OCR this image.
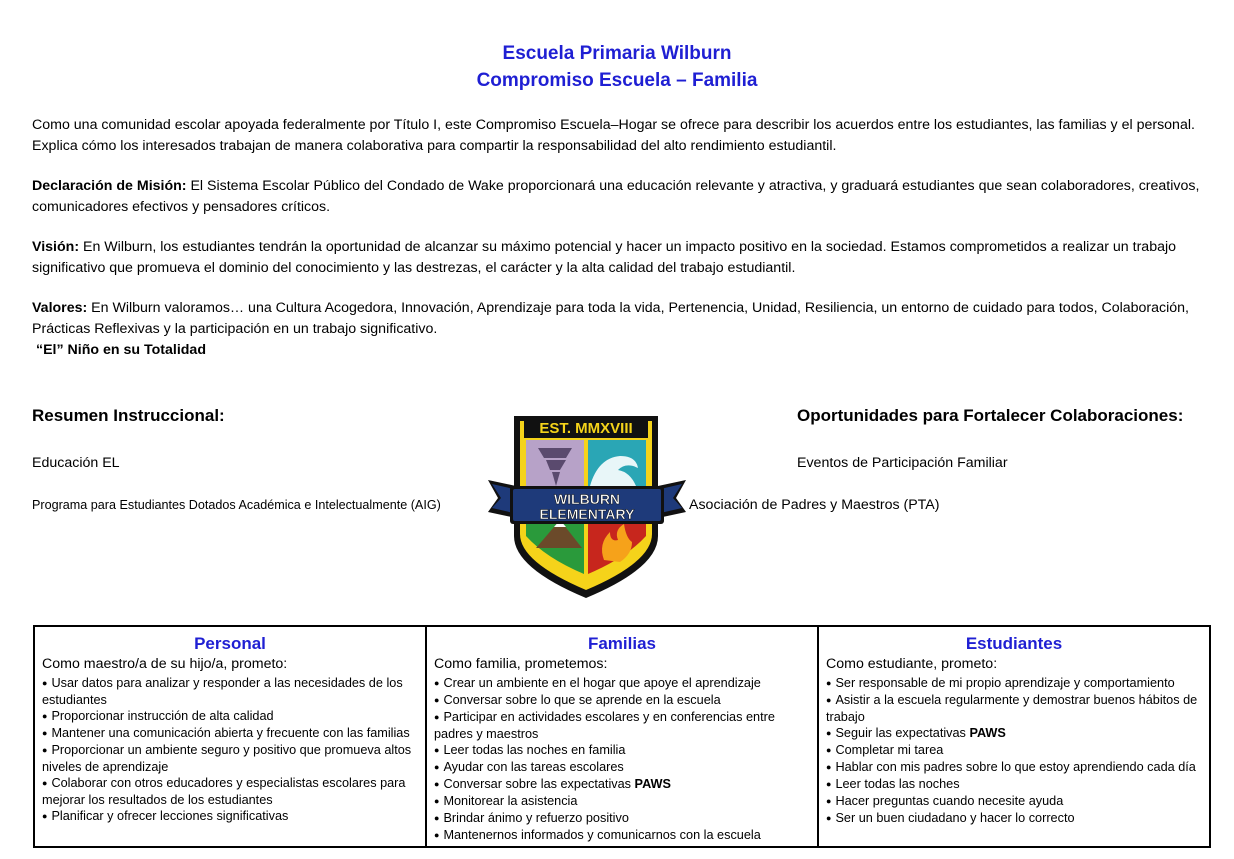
Escuela Primaria Wilburn
Compromiso Escuela – Familia
Como una comunidad escolar apoyada federalmente por Título I, este Compromiso Escuela–Hogar se ofrece para describir los acuerdos entre los estudiantes, las familias y el personal. Explica cómo los interesados trabajan de manera colaborativa para compartir la responsabilidad del alto rendimiento estudiantil.
Declaración de Misión: El Sistema Escolar Público del Condado de Wake proporcionará una educación relevante y atractiva, y graduará estudiantes que sean colaboradores, creativos, comunicadores efectivos y pensadores críticos.
Visión: En Wilburn, los estudiantes tendrán la oportunidad de alcanzar su máximo potencial y hacer un impacto positivo en la sociedad. Estamos comprometidos a realizar un trabajo significativo que promueva el dominio del conocimiento y las destrezas, el carácter y la alta calidad del trabajo estudiantil.
Valores: En Wilburn valoramos… una Cultura Acogedora, Innovación, Aprendizaje para toda la vida, Pertenencia, Unidad, Resiliencia, un entorno de cuidado para todos, Colaboración, Prácticas Reflexivas y la participación en un trabajo significativo.
“El” Niño en su Totalidad
Resumen Instruccional:
Educación EL
Programa para Estudiantes Dotados Académica e Intelectualmente (AIG)
Oportunidades para Fortalecer Colaboraciones:
Eventos de Participación Familiar
Asociación de Padres y Maestros (PTA)
EST. MMXVIII
WILBURN
ELEMENTARY
Personal
Como maestro/a de su hijo/a, prometo:
● Usar datos para analizar y responder a las necesidades de los estudiantes
● Proporcionar instrucción de alta calidad
● Mantener una comunicación abierta y frecuente con las familias
● Proporcionar un ambiente seguro y positivo que promueva altos niveles de aprendizaje
● Colaborar con otros educadores y especialistas escolares para mejorar los resultados de los estudiantes
● Planificar y ofrecer lecciones significativas

Familias
Como familia, prometemos:
● Crear un ambiente en el hogar que apoye el aprendizaje
● Conversar sobre lo que se aprende en la escuela
● Participar en actividades escolares y en conferencias entre padres y maestros
● Leer todas las noches en familia
● Ayudar con las tareas escolares
● Conversar sobre las expectativas PAWS
● Monitorear la asistencia
● Brindar ánimo y refuerzo positivo
● Mantenernos informados y comunicarnos con la escuela

Estudiantes
Como estudiante, prometo:
● Ser responsable de mi propio aprendizaje y comportamiento
● Asistir a la escuela regularmente y demostrar buenos hábitos de trabajo
● Seguir las expectativas PAWS
● Completar mi tarea
● Hablar con mis padres sobre lo que estoy aprendiendo cada día
● Leer todas las noches
● Hacer preguntas cuando necesite ayuda
● Ser un buen ciudadano y hacer lo correcto
